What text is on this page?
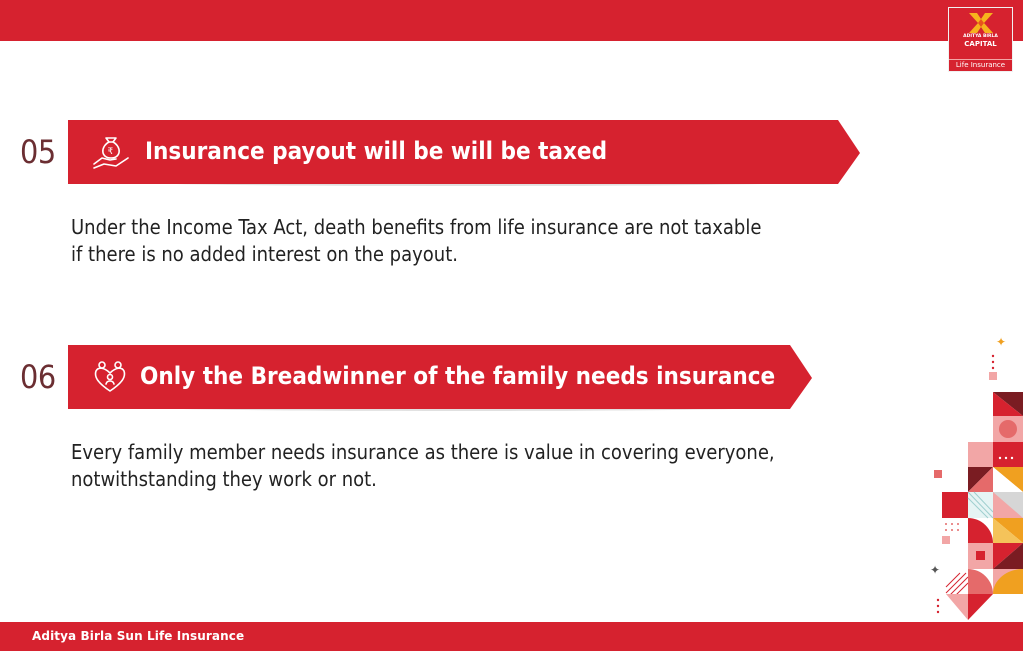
ADITYA BIRLA
CAPITAL
Life Insurance
05	₹ Insurance payout will be will be taxed
Under the Income Tax Act, death benefits from life insurance are not taxable
if there is no added interest on the payout.
06	Only the Breadwinner of the family needs insurance
Every family member needs insurance as there is value in covering everyone,
notwithstanding they work or not.
✦
✦
Aditya Birla Sun Life Insurance
